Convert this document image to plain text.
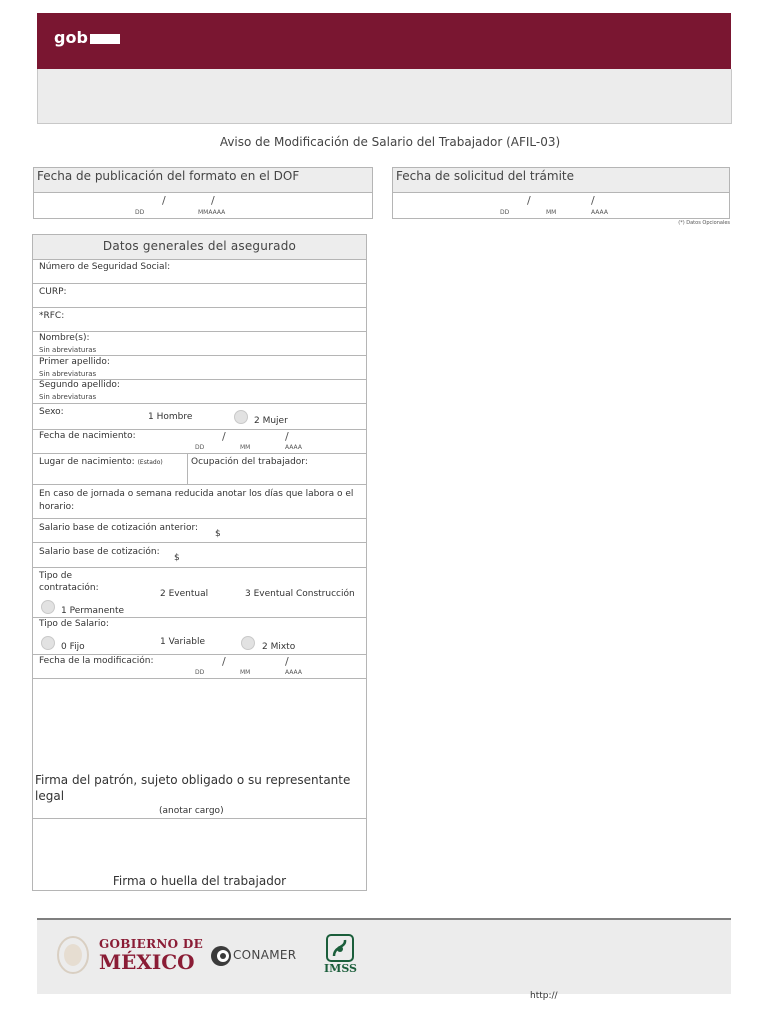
gob
Aviso de Modificación de Salario del Trabajador (AFIL-03)
Fecha de publicación del formato en el DOF
/	/
DD	MMAAAA
Fecha de solicitud del trámite
/	/
DD	MM	AAAA
(*) Datos Opcionales
Datos generales del asegurado
Número de Seguridad Social:
CURP:
*RFC:
Nombre(s):
Sin abreviaturas
Primer apellido:
Sin abreviaturas
Segundo apellido:
Sin abreviaturas
Sexo:	1 Hombre	2 Mujer
Fecha de nacimiento:	/	/
DD	MM	AAAA
Lugar de nacimiento: (Estado)	Ocupación del trabajador:
En caso de jornada o semana reducida anotar los días que labora o el horario:
Salario base de cotización anterior:
$
Salario base de cotización:
$
Tipo de contratación:
2 Eventual	3 Eventual Construcción
1 Permanente
Tipo de Salario:
0 Fijo	1 Variable	2 Mixto
Fecha de la modificación:	/	/
DD	MM	AAAA
Firma del patrón, sujeto obligado o su representante legal
(anotar cargo)
Firma o huella del trabajador
GOBIERNO DE
MÉXICO	CONAMER
IMSS
http://
